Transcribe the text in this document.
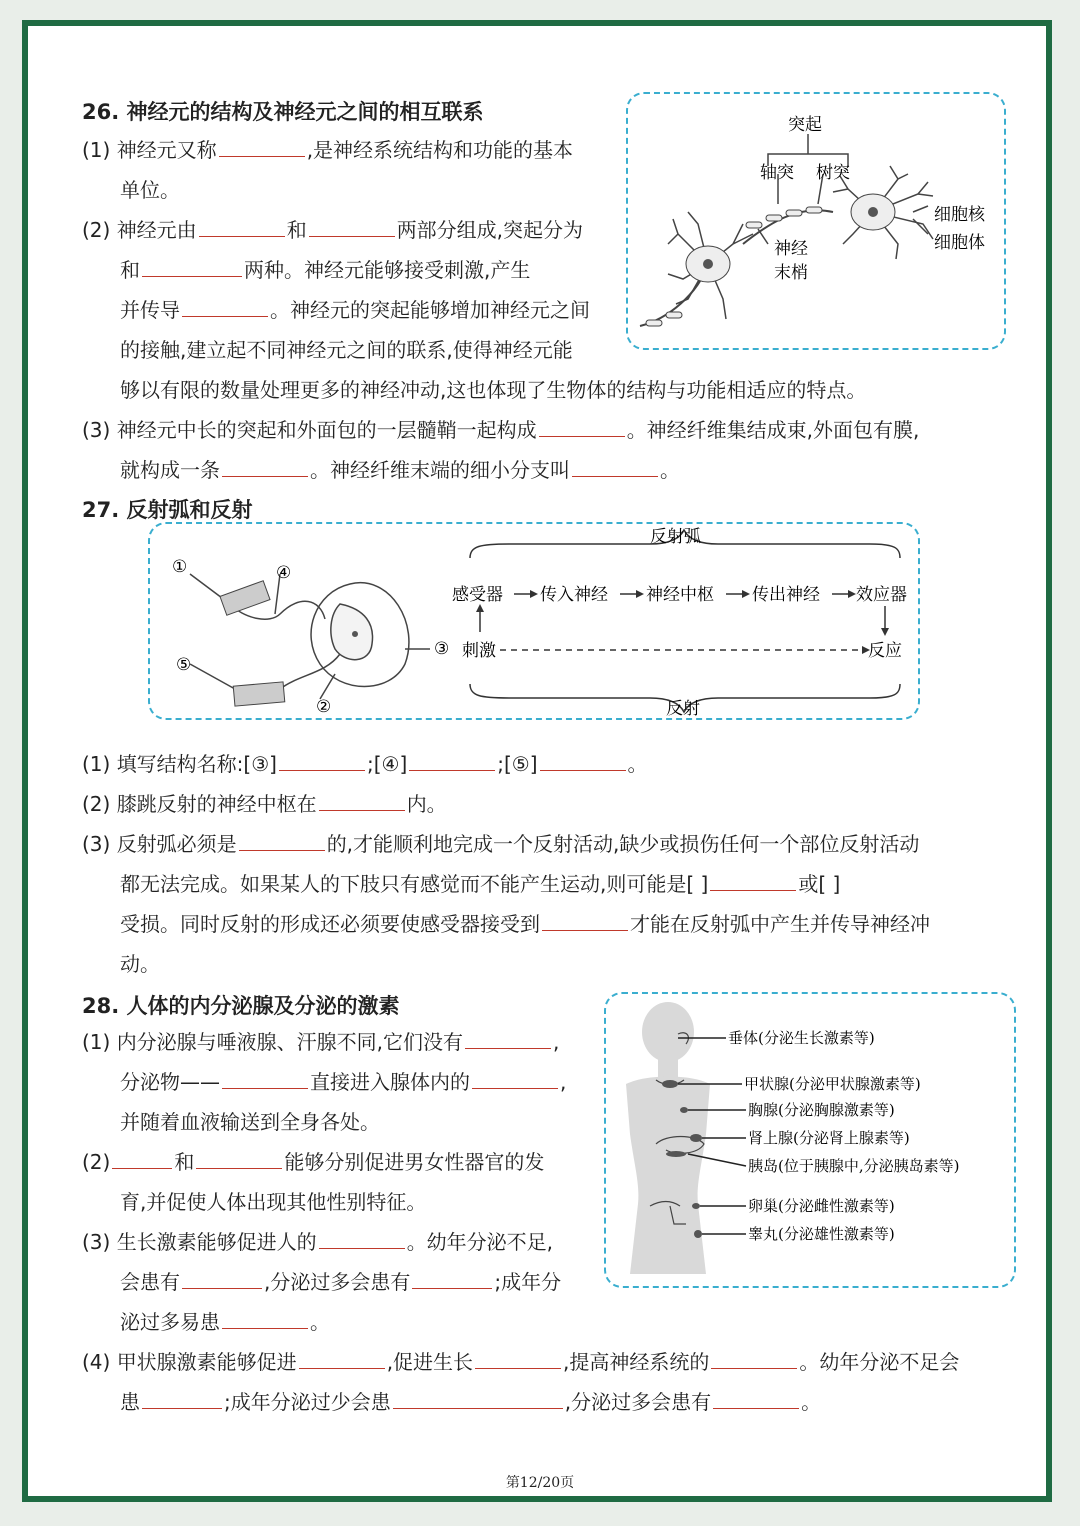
26. 神经元的结构及神经元之间的相互联系
(1) 神经元又称	,是神经系统结构和功能的基本
单位。
(2) 神经元由	和	两部分组成,突起分为
和	两种。神经元能够接受刺激,产生
并传导	。神经元的突起能够增加神经元之间
的接触,建立起不同神经元之间的联系,使得神经元能
够以有限的数量处理更多的神经冲动,这也体现了生物体的结构与功能相适应的特点。
(3) 神经元中长的突起和外面包的一层髓鞘一起构成	。神经纤维集结成束,外面包有膜,
就构成一条	。神经纤维末端的细小分支叫	。
突起
轴突 树突
细胞核
细胞体
神经
末梢
27. 反射弧和反射
①	④
⑤
②
③
反射弧
反射
感受器 传入神经 神经中枢 传出神经 效应器
刺激	反应
(1) 填写结构名称:[③]	;[④]	;[⑤]	。
(2) 膝跳反射的神经中枢在	内。
(3) 反射弧必须是	的,才能顺利地完成一个反射活动,缺少或损伤任何一个部位反射活动
都无法完成。如果某人的下肢只有感觉而不能产生运动,则可能是[ ]	或[ ]
受损。同时反射的形成还必须要使感受器接受到	才能在反射弧中产生并传导神经冲
动。
28. 人体的内分泌腺及分泌的激素
(1) 内分泌腺与唾液腺、汗腺不同,它们没有	,
分泌物——	直接进入腺体内的	,
并随着血液输送到全身各处。
(2)	和	能够分别促进男女性器官的发
育,并促使人体出现其他性别特征。
(3) 生长激素能够促进人的	。幼年分泌不足,
会患有	,分泌过多会患有	;成年分
泌过多易患	。
(4) 甲状腺激素能够促进	,促进生长	,提高神经系统的	。幼年分泌不足会
患	;成年分泌过少会患	,分泌过多会患有	。
垂体(分泌生长激素等)
甲状腺(分泌甲状腺激素等)
胸腺(分泌胸腺激素等)
肾上腺(分泌肾上腺素等)
胰岛(位于胰腺中,分泌胰岛素等)
卵巢(分泌雌性激素等)
睾丸(分泌雄性激素等)
第12/20页
